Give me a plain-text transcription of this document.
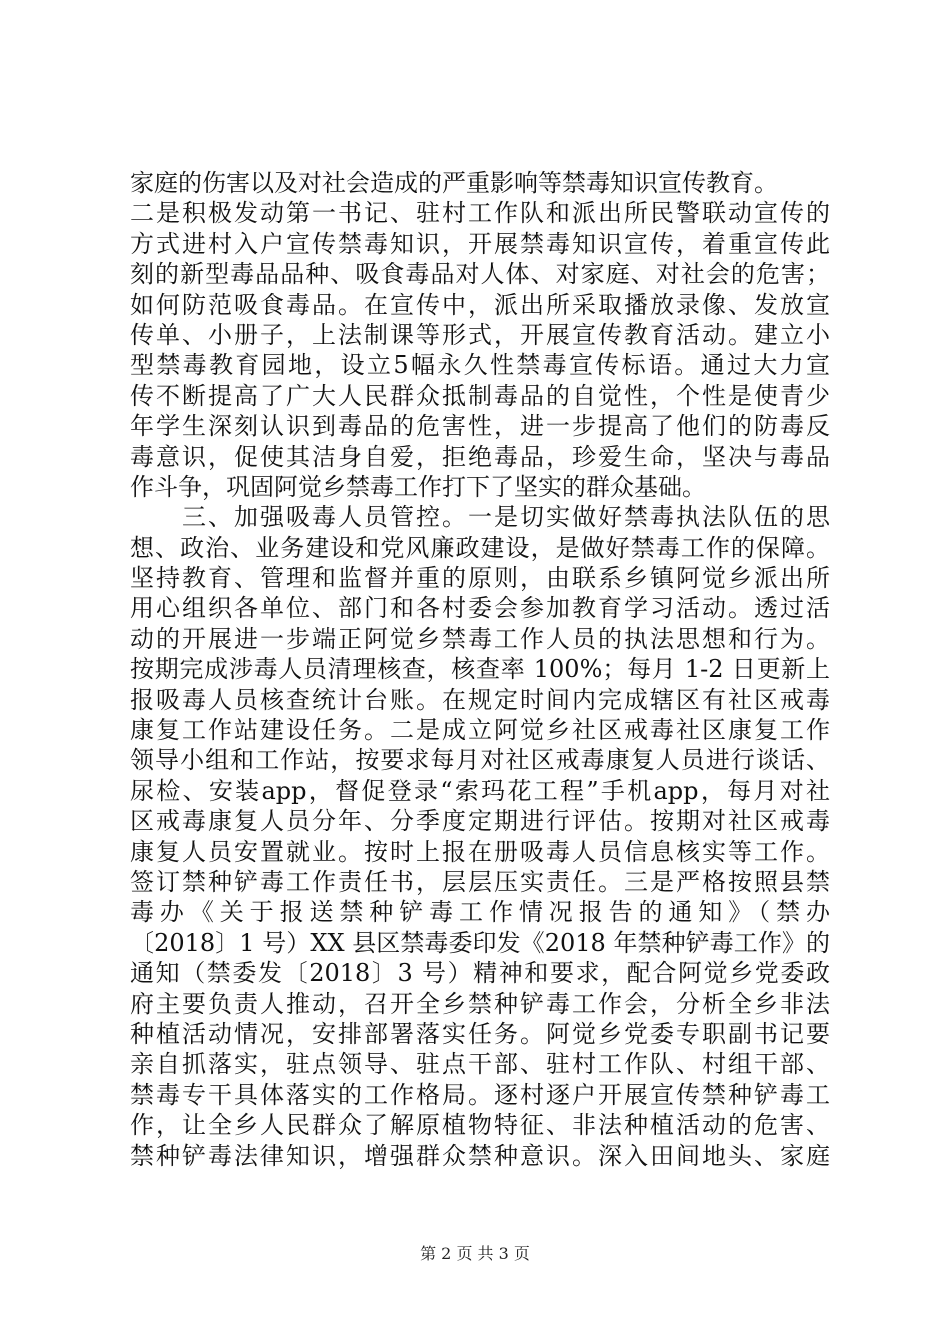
家庭的伤害以及对社会造成的严重影响等禁毒知识宣传教育。
二是积极发动第一书记、驻村工作队和派出所民警联动宣传的
方式进村入户宣传禁毒知识，开展禁毒知识宣传，着重宣传此
刻的新型毒品品种、吸食毒品对人体、对家庭、对社会的危害；
如何防范吸食毒品。在宣传中，派出所采取播放录像、发放宣
传单、小册子，上法制课等形式，开展宣传教育活动。建立小
型禁毒教育园地，设立5幅永久性禁毒宣传标语。通过大力宣
传不断提高了广大人民群众抵制毒品的自觉性，个性是使青少
年学生深刻认识到毒品的危害性，进一步提高了他们的防毒反
毒意识，促使其洁身自爱，拒绝毒品，珍爱生命，坚决与毒品
作斗争，巩固阿觉乡禁毒工作打下了坚实的群众基础。
　　三、加强吸毒人员管控。一是切实做好禁毒执法队伍的思
想、政治、业务建设和党风廉政建设，是做好禁毒工作的保障。
坚持教育、管理和监督并重的原则，由联系乡镇阿觉乡派出所
用心组织各单位、部门和各村委会参加教育学习活动。透过活
动的开展进一步端正阿觉乡禁毒工作人员的执法思想和行为。
按期完成涉毒人员清理核查，核查率 100%；每月 1-2 日更新上
报吸毒人员核查统计台账。在规定时间内完成辖区有社区戒毒
康复工作站建设任务。二是成立阿觉乡社区戒毒社区康复工作
领导小组和工作站，按要求每月对社区戒毒康复人员进行谈话、
尿检、安装app，督促登录“索玛花工程”手机app，每月对社
区戒毒康复人员分年、分季度定期进行评估。按期对社区戒毒
康复人员安置就业。按时上报在册吸毒人员信息核实等工作。
签订禁种铲毒工作责任书，层层压实责任。三是严格按照县禁
毒办《关于报送禁种铲毒工作情况报告的通知》（禁办
〔2018〕1 号）XX 县区禁毒委印发《2018 年禁种铲毒工作》的
通知（禁委发〔2018〕3 号）精神和要求，配合阿觉乡党委政
府主要负责人推动，召开全乡禁种铲毒工作会，分析全乡非法
种植活动情况，安排部署落实任务。阿觉乡党委专职副书记要
亲自抓落实，驻点领导、驻点干部、驻村工作队、村组干部、
禁毒专干具体落实的工作格局。逐村逐户开展宣传禁种铲毒工
作，让全乡人民群众了解原植物特征、非法种植活动的危害、
禁种铲毒法律知识，增强群众禁种意识。深入田间地头、家庭
第 2 页 共 3 页
